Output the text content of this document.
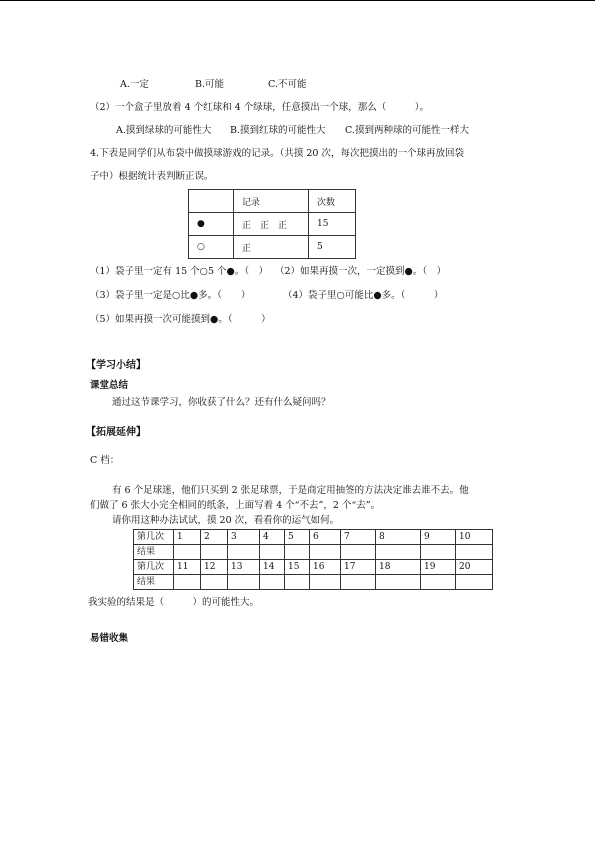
A.一定	B.可能	C.不可能
（2）一个盒子里放着 4 个红球和 4 个绿球，任意摸出一个球，那么（　　　）。
A.摸到绿球的可能性大 B.摸到红球的可能性大 C.摸到两种球的可能性一样大
4.下表是同学们从布袋中做摸球游戏的记录。（共摸 20 次，每次把摸出的一个球再放回袋
子中）根据统计表判断正误。
	记录	次数
●	正　正　正	15
○	正	5
（1）袋子里一定有 15 个○5 个●。（　） （2）如果再摸一次，一定摸到●。（　）
（3）袋子里一定是○比●多。（　　）	（4）袋子里○可能比●多。（　　　）
（5）如果再摸一次可能摸到●。（　　　）
【学习小结】
课堂总结
通过这节课学习，你收获了什么？还有什么疑问吗？
【拓展延伸】
C 档：
有 6 个足球迷，他们只买到 2 张足球票，于是商定用抽签的方法决定谁去谁不去。他
们做了 6 张大小完全相同的纸条，上面写着 4 个“不去”，2 个“去”。
请你用这种办法试试，摸 20 次，看看你的运气如何。
第几次	1	2	3	4	5	6	7	8	9	10
结果										
第几次	11	12	13	14	15	16	17	18	19	20
结果										
我实验的结果是（　　　）的可能性大。
易错收集
